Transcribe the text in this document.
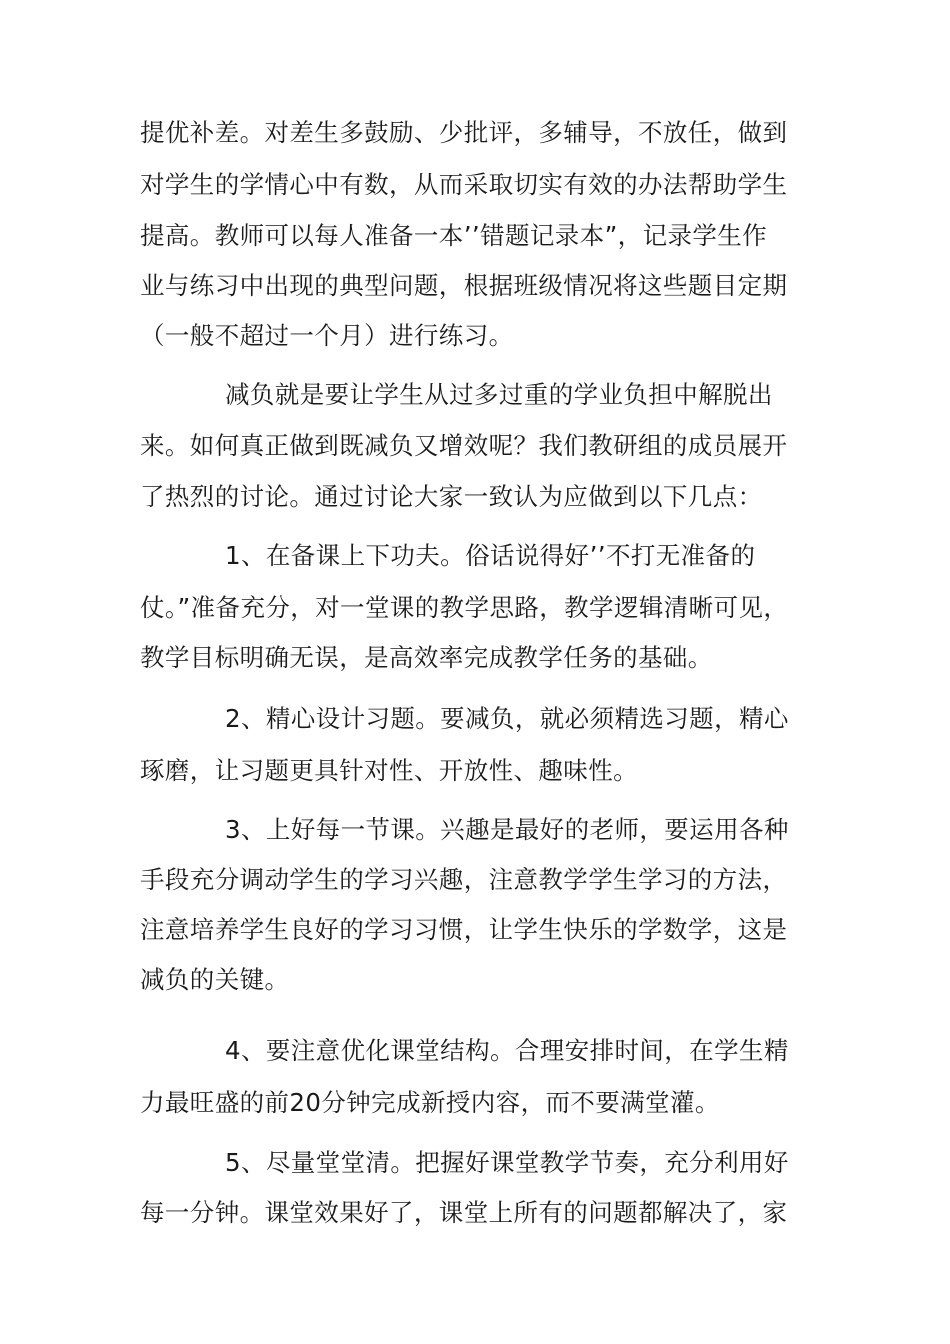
提优补差。对差生多鼓励、少批评，多辅导，不放任，做到
对学生的学情心中有数，从而采取切实有效的办法帮助学生
提高。教师可以每人准备一本’’错题记录本”，记录学生作
业与练习中出现的典型问题，根据班级情况将这些题目定期
（一般不超过一个月）进行练习。
减负就是要让学生从过多过重的学业负担中解脱出
来。如何真正做到既减负又增效呢？我们教研组的成员展开
了热烈的讨论。通过讨论大家一致认为应做到以下几点：
1、在备课上下功夫。俗话说得好’’不打无准备的
仗。”准备充分，对一堂课的教学思路，教学逻辑清晰可见，
教学目标明确无误，是高效率完成教学任务的基础。
2、精心设计习题。要减负，就必须精选习题，精心
琢磨，让习题更具针对性、开放性、趣味性。
3、上好每一节课。兴趣是最好的老师，要运用各种
手段充分调动学生的学习兴趣，注意教学学生学习的方法，
注意培养学生良好的学习习惯，让学生快乐的学数学，这是
减负的关键。
4、要注意优化课堂结构。合理安排时间，在学生精
力最旺盛的前20分钟完成新授内容，而不要满堂灌。
5、尽量堂堂清。把握好课堂教学节奏，充分利用好
每一分钟。课堂效果好了，课堂上所有的问题都解决了，家
